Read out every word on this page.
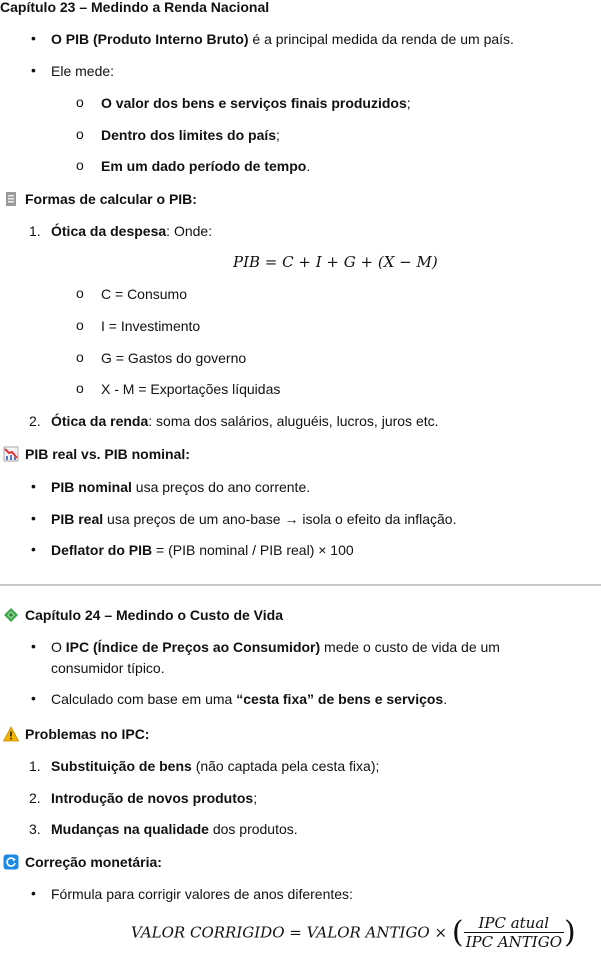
Capítulo 23 – Medindo a Renda Nacional
• O PIB (Produto Interno Bruto) é a principal medida da renda de um país.
• Ele mede:
o O valor dos bens e serviços finais produzidos;
o Dentro dos limites do país;
o Em um dado período de tempo.
Formas de calcular o PIB:
1. Ótica da despesa: Onde:
PIB = C + I + G + (X − M)
o C = Consumo
o I = Investimento
o G = Gastos do governo
o X - M = Exportações líquidas
2. Ótica da renda: soma dos salários, aluguéis, lucros, juros etc.
PIB real vs. PIB nominal:
• PIB nominal usa preços do ano corrente.
• PIB real usa preços de um ano-base → isola o efeito da inflação.
• Deflator do PIB = (PIB nominal / PIB real) × 100
Capítulo 24 – Medindo o Custo de Vida
• O IPC (Índice de Preços ao Consumidor) mede o custo de vida de um
consumidor típico.
• Calculado com base em uma “cesta fixa” de bens e serviços.
Problemas no IPC:
1. Substituição de bens (não captada pela cesta fixa);
2. Introdução de novos produtos;
3. Mudanças na qualidade dos produtos.
Correção monetária:
• Fórmula para corrigir valores de anos diferentes:
VALOR CORRIGIDO = VALOR ANTIGO × ( $\frac{\text{IPC atual}}{\text{IPC ANTIGO}}$ )
